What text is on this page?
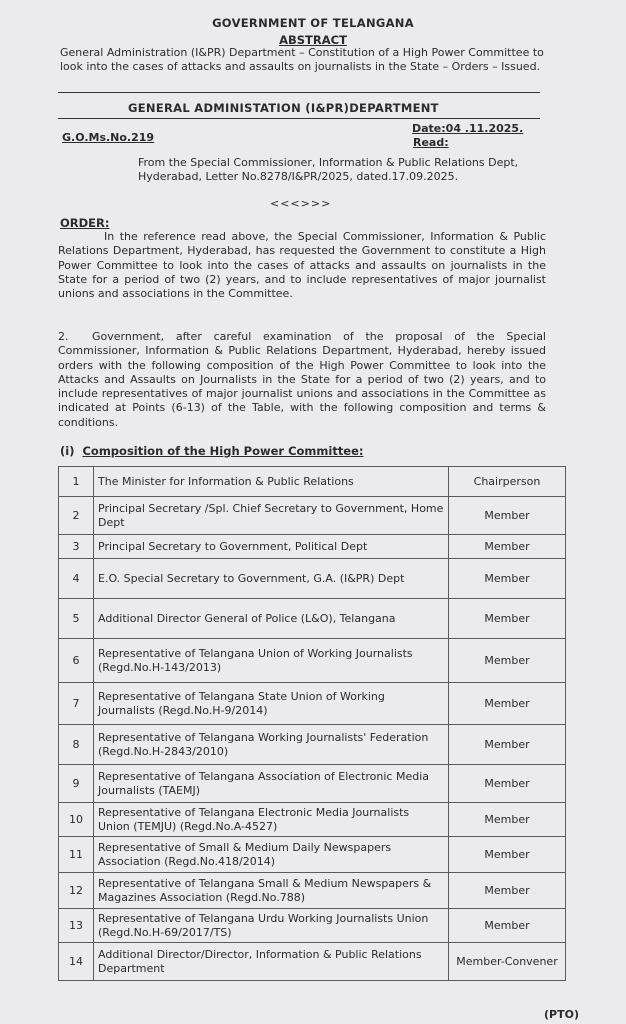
GOVERNMENT OF TELANGANA
ABSTRACT
General Administration (I&PR) Department – Constitution of a High Power Committee to look into the cases of attacks and assaults on journalists in the State – Orders – Issued.
GENERAL ADMINISTATION (I&PR)DEPARTMENT
G.O.Ms.No.219
Date:04 .11.2025.
Read:
From the Special Commissioner, Information & Public Relations Dept, Hyderabad, Letter No.8278/I&PR/2025, dated.17.09.2025.
<<<>>>
ORDER:
In the reference read above, the Special Commissioner, Information & Public Relations Department, Hyderabad, has requested the Government to constitute a High Power Committee to look into the cases of attacks and assaults on journalists in the State for a period of two (2) years, and to include representatives of major journalist unions and associations in the Committee.
2. Government, after careful examination of the proposal of the Special Commissioner, Information & Public Relations Department, Hyderabad, hereby issued orders with the following composition of the High Power Committee to look into the Attacks and Assaults on Journalists in the State for a period of two (2) years, and to include representatives of major journalist unions and associations in the Committee as indicated at Points (6-13) of the Table, with the following composition and terms & conditions.
(i) Composition of the High Power Committee:
1	The Minister for Information & Public Relations	Chairperson
2	Principal Secretary /Spl. Chief Secretary to Government, Home Dept	Member
3	Principal Secretary to Government, Political Dept	Member
4	E.O. Special Secretary to Government, G.A. (I&PR) Dept	Member
5	Additional Director General of Police (L&O), Telangana	Member
6	Representative of Telangana Union of Working Journalists (Regd.No.H-143/2013)	Member
7	Representative of Telangana State Union of Working Journalists (Regd.No.H-9/2014)	Member
8	Representative of Telangana Working Journalists' Federation (Regd.No.H-2843/2010)	Member
9	Representative of Telangana Association of Electronic Media Journalists (TAEMJ)	Member
10	Representative of Telangana Electronic Media Journalists Union (TEMJU) (Regd.No.A-4527)	Member
11	Representative of Small & Medium Daily Newspapers Association (Regd.No.418/2014)	Member
12	Representative of Telangana Small & Medium Newspapers & Magazines Association (Regd.No.788)	Member
13	Representative of Telangana Urdu Working Journalists Union (Regd.No.H-69/2017/TS)	Member
14	Additional Director/Director, Information & Public Relations Department	Member-Convener
(PTO)
